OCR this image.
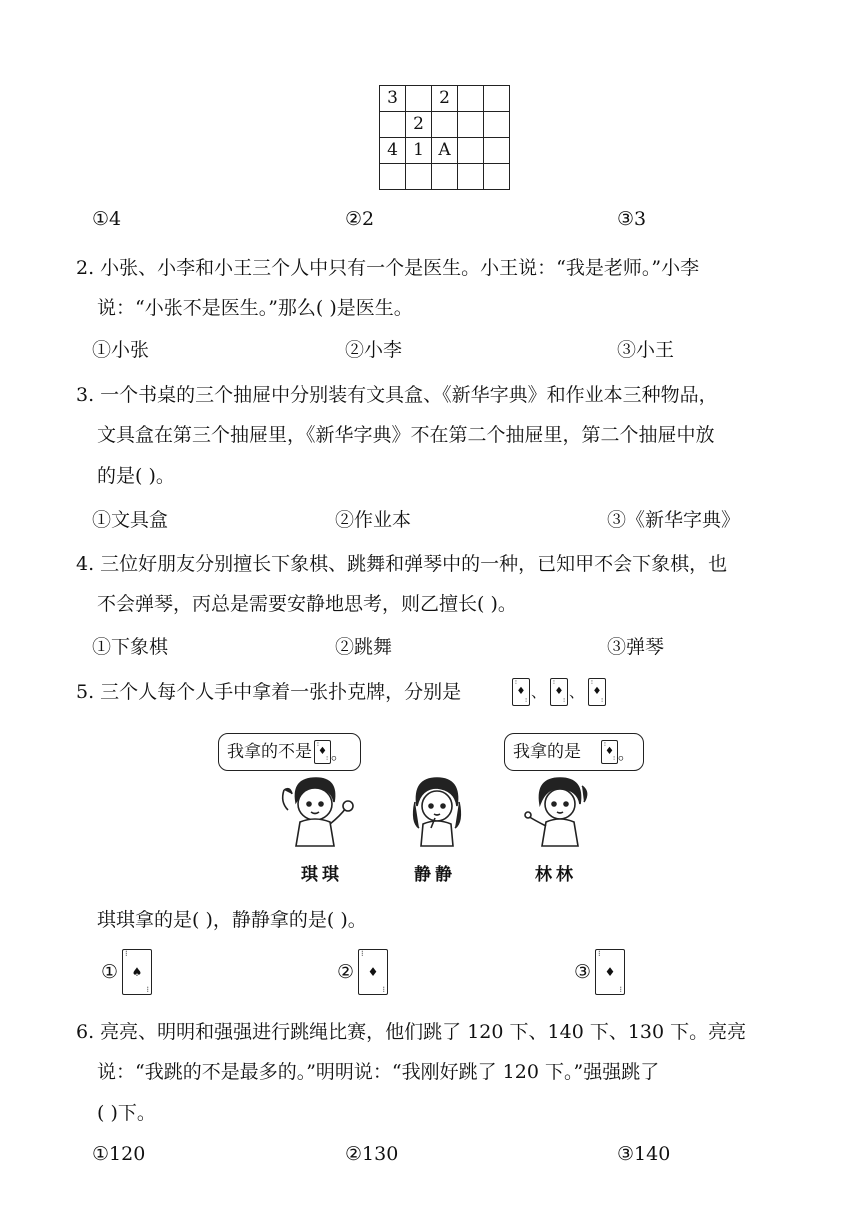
3		2		
	2			
4	1	A		

①4	②2	③3
2. 小张、小李和小王三个人中只有一个是医生。小王说：“我是老师。”小李
说：“小张不是医生。”那么( )是医生。
①小张	②小李	③小王
3. 一个书桌的三个抽屉中分别装有文具盒、《新华字典》和作业本三种物品，
文具盒在第三个抽屉里，《新华字典》不在第二个抽屉里，第二个抽屉中放
的是( )。
①文具盒	②作业本	③《新华字典》
4. 三位好朋友分别擅长下象棋、跳舞和弹琴中的一种，已知甲不会下象棋，也
不会弹琴，丙总是需要安静地思考，则乙擅长( )。
①下象棋	②跳舞	③弹琴
5. 三个人每个人手中拿着一张扑克牌，分别是	⁝
♦
⁝ 、
⁝
♦
⁝ 、
⁝
♦
⁝
我拿的不是 ⁝
♦
⁝ 。	我拿的是	⁝
♦
⁝ 。
琪琪	静静	林林
琪琪拿的是( )，静静拿的是( )。
①
⁝
♠
⁝
②
⁝
♦
⁝
③
⁝
♦
⁝
6. 亮亮、明明和强强进行跳绳比赛，他们跳了 120 下、140 下、130 下。亮亮
说：“我跳的不是最多的。”明明说：“我刚好跳了 120 下。”强强跳了
( )下。
①120	②130	③140
